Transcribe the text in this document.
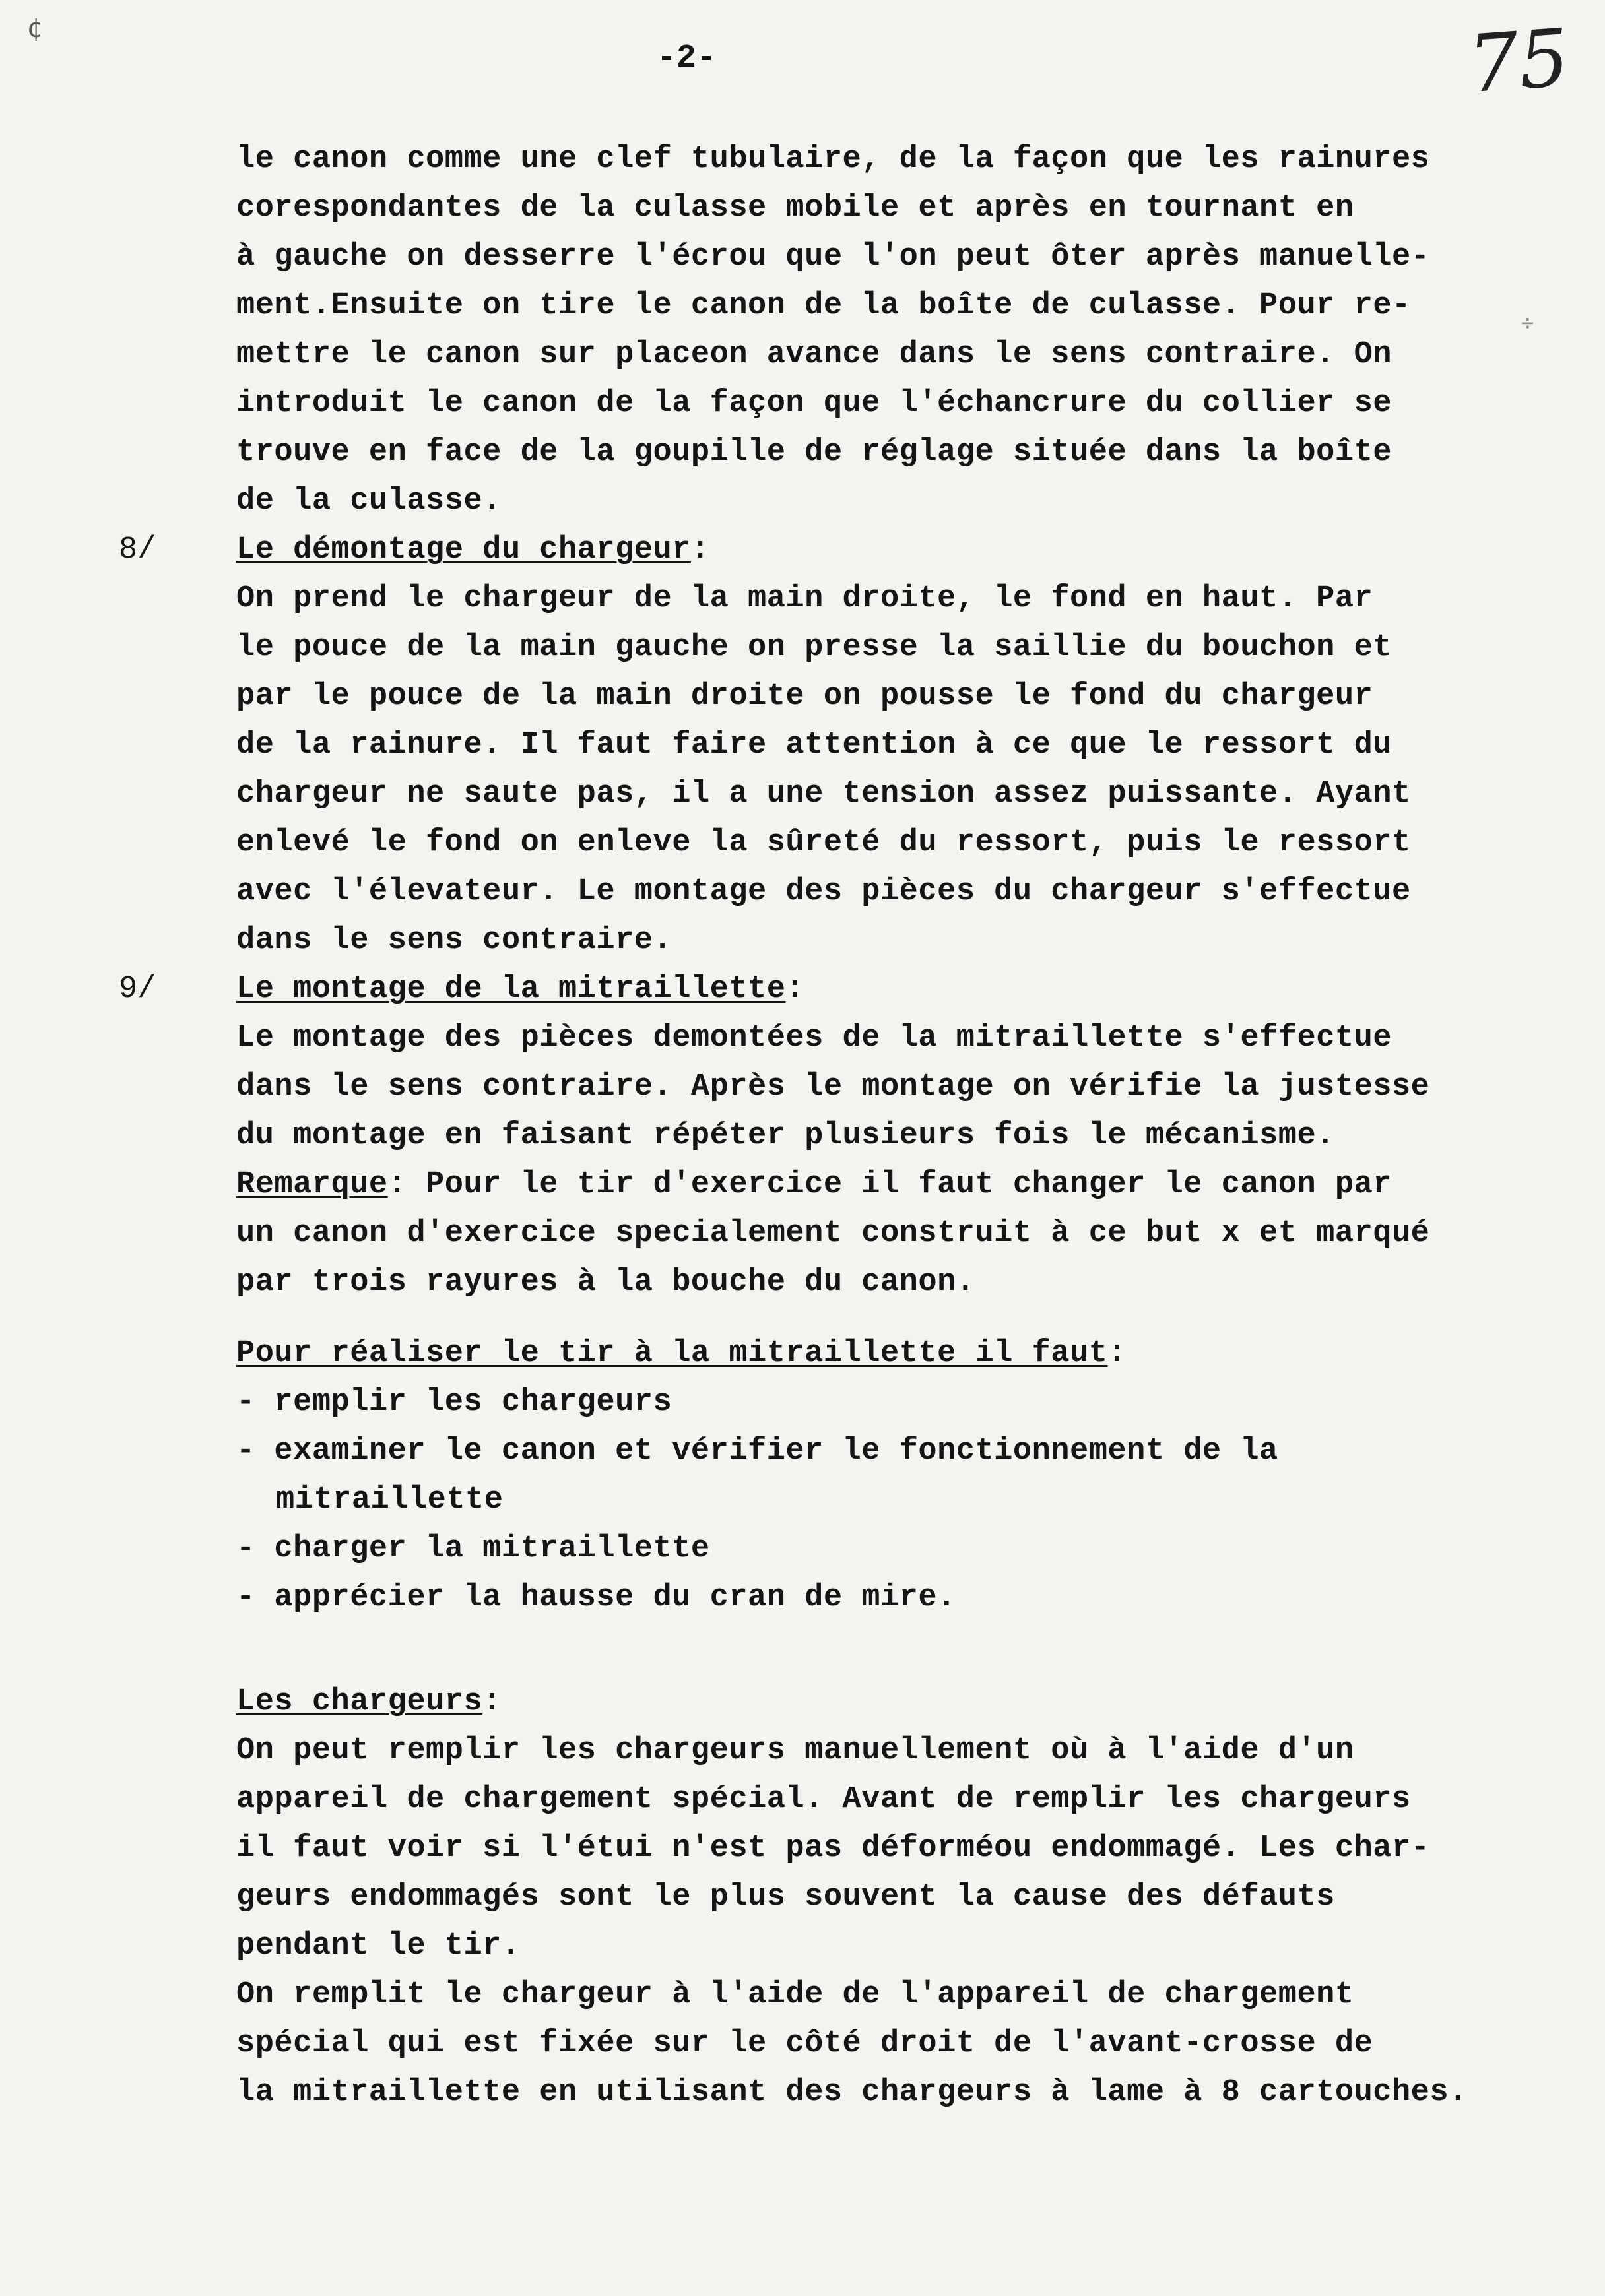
¢
÷
-2-	75
le canon comme une clef tubulaire, de la façon que les rainures
corespondantes de la culasse mobile et après en tournant en
à gauche on desserre l'écrou que l'on peut ôter après manuelle-
ment.Ensuite on tire le canon de la boîte de culasse. Pour re-
mettre le canon sur placeon avance dans le sens contraire. On
introduit le canon de la façon que l'échancrure du collier se
trouve en face de la goupille de réglage située dans la boîte
de la culasse.
8/	Le démontage du chargeur:
On prend le chargeur de la main droite, le fond en haut. Par
le pouce de la main gauche on presse la saillie du bouchon et
par le pouce de la main droite on pousse le fond du chargeur
de la rainure. Il faut faire attention à ce que le ressort du
chargeur ne saute pas, il a une tension assez puissante. Ayant
enlevé le fond on enleve la sûreté du ressort, puis le ressort
avec l'élevateur. Le montage des pièces du chargeur s'effectue
dans le sens contraire.
9/	Le montage de la mitraillette:
Le montage des pièces demontées de la mitraillette s'effectue
dans le sens contraire. Après le montage on vérifie la justesse
du montage en faisant répéter plusieurs fois le mécanisme.
Remarque: Pour le tir d'exercice il faut changer le canon par
un canon d'exercice specialement construit à ce but x et marqué
par trois rayures à la bouche du canon.
Pour réaliser le tir à la mitraillette il faut:
- remplir les chargeurs
- examiner le canon et vérifier le fonctionnement de la
mitraillette
- charger la mitraillette
- apprécier la hausse du cran de mire.
Les chargeurs:
On peut remplir les chargeurs manuellement où à l'aide d'un
appareil de chargement spécial. Avant de remplir les chargeurs
il faut voir si l'étui n'est pas déforméou endommagé. Les char-
geurs endommagés sont le plus souvent la cause des défauts
pendant le tir.
On remplit le chargeur à l'aide de l'appareil de chargement
spécial qui est fixée sur le côté droit de l'avant-crosse de
la mitraillette en utilisant des chargeurs à lame à 8 cartouches.
